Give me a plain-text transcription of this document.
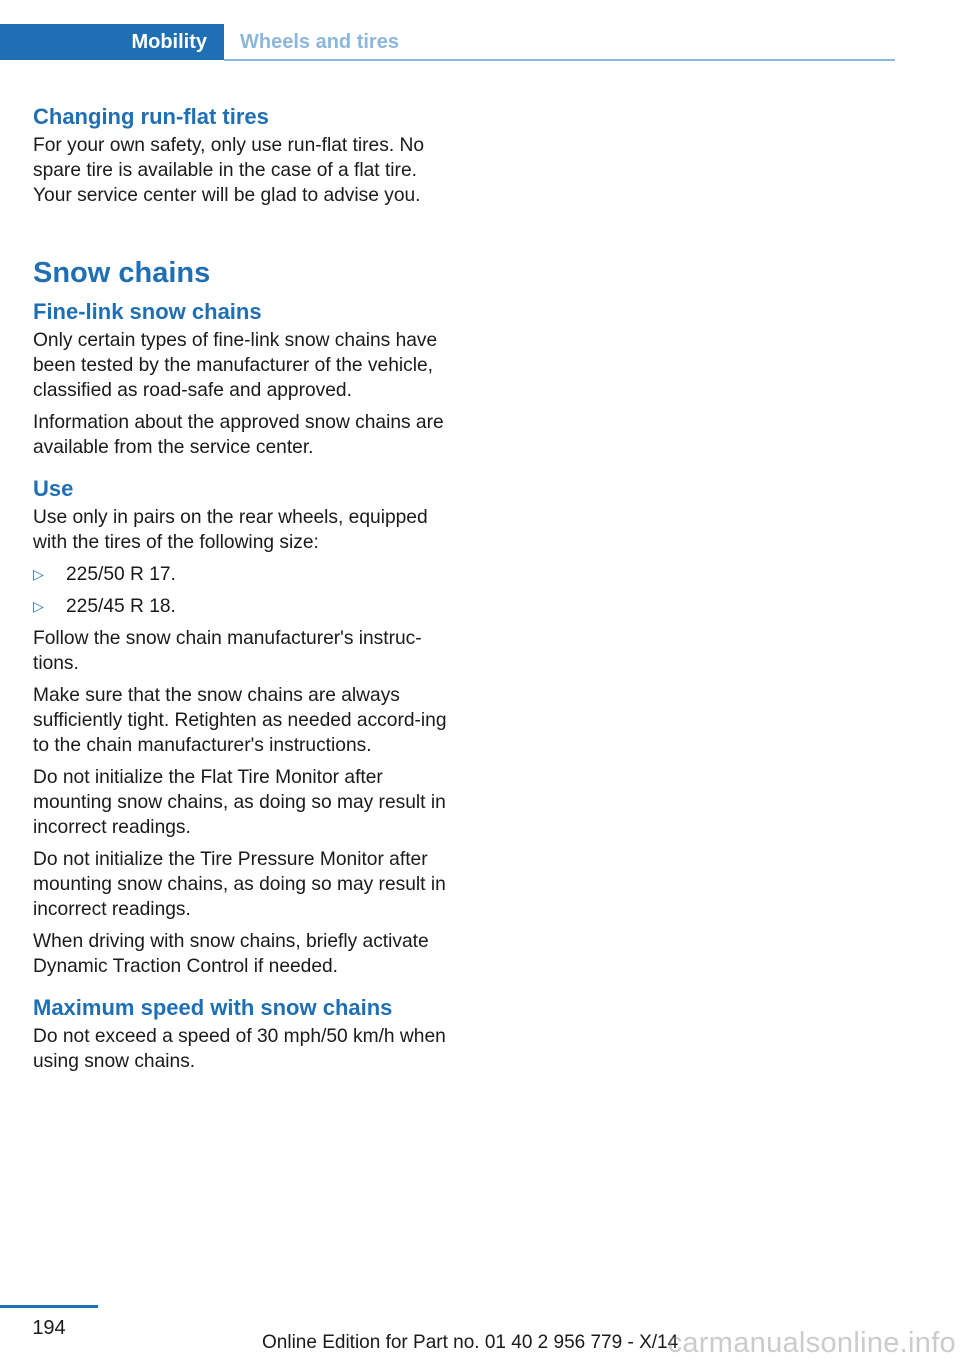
Mobility	Wheels and tires
Changing run-flat tires

For your own safety, only use run-flat tires. No spare tire is available in the case of a flat tire. Your service center will be glad to advise you.

Snow chains
Fine-link snow chains

Only certain types of fine-link snow chains have been tested by the manufacturer of the vehicle, classified as road-safe and approved.

Information about the approved snow chains are available from the service center.

Use

Use only in pairs on the rear wheels, equipped with the tires of the following size:

▷ 225/50 R 17.
▷ 225/45 R 18.

Follow the snow chain manufacturer's instruc-tions.

Make sure that the snow chains are always sufficiently tight. Retighten as needed accord-ing to the chain manufacturer's instructions.

Do not initialize the Flat Tire Monitor after mounting snow chains, as doing so may result in incorrect readings.

Do not initialize the Tire Pressure Monitor after mounting snow chains, as doing so may result in incorrect readings.

When driving with snow chains, briefly activate Dynamic Traction Control if needed.

Maximum speed with snow chains

Do not exceed a speed of 30 mph/50 km/h when using snow chains.

194
Online Edition for Part no. 01 40 2 956 779 - X/14
carmanualsonline.info
